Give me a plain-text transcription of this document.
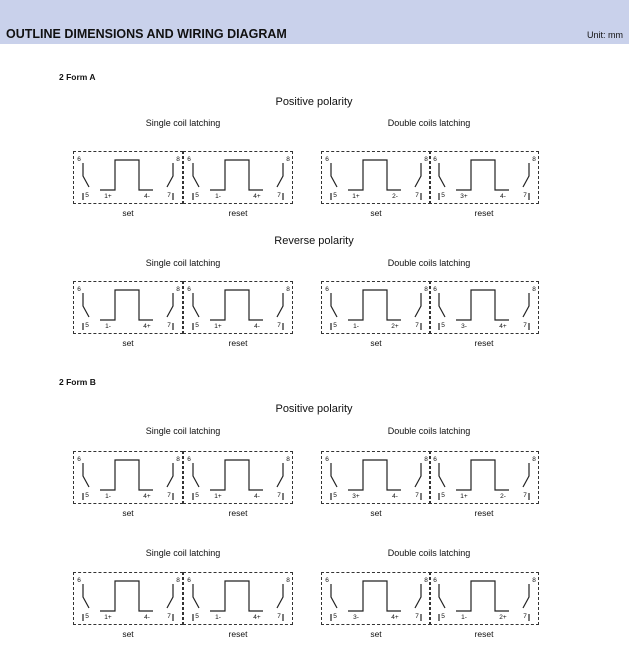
OUTLINE DIMENSIONS AND WIRING DIAGRAM	Unit: mm
2 Form A
2 Form B
Positive polarity
Single coil latching	Double coils latching
6	8
5	7
1+	4-
set
6	8
5	7
1-	4+
reset
6	8
5	7
1+	2-
set
6	8
5	7
3+	4-
reset
Reverse polarity
Single coil latching	Double coils latching
6	8
5	7
1-	4+
set
6	8
5	7
1+	4-
reset
6	8
5	7
1-	2+
set
6	8
5	7
3-	4+
reset
Positive polarity
Single coil latching	Double coils latching
6	8
5	7
1-	4+
set
6	8
5	7
1+	4-
reset
6	8
5	7
3+	4-
set
6	8
5	7
1+	2-
reset
Single coil latching	Double coils latching
6	8
5	7
1+	4-
set
6	8
5	7
1-	4+
reset
6	8
5	7
3-	4+
set
6	8
5	7
1-	2+
reset
